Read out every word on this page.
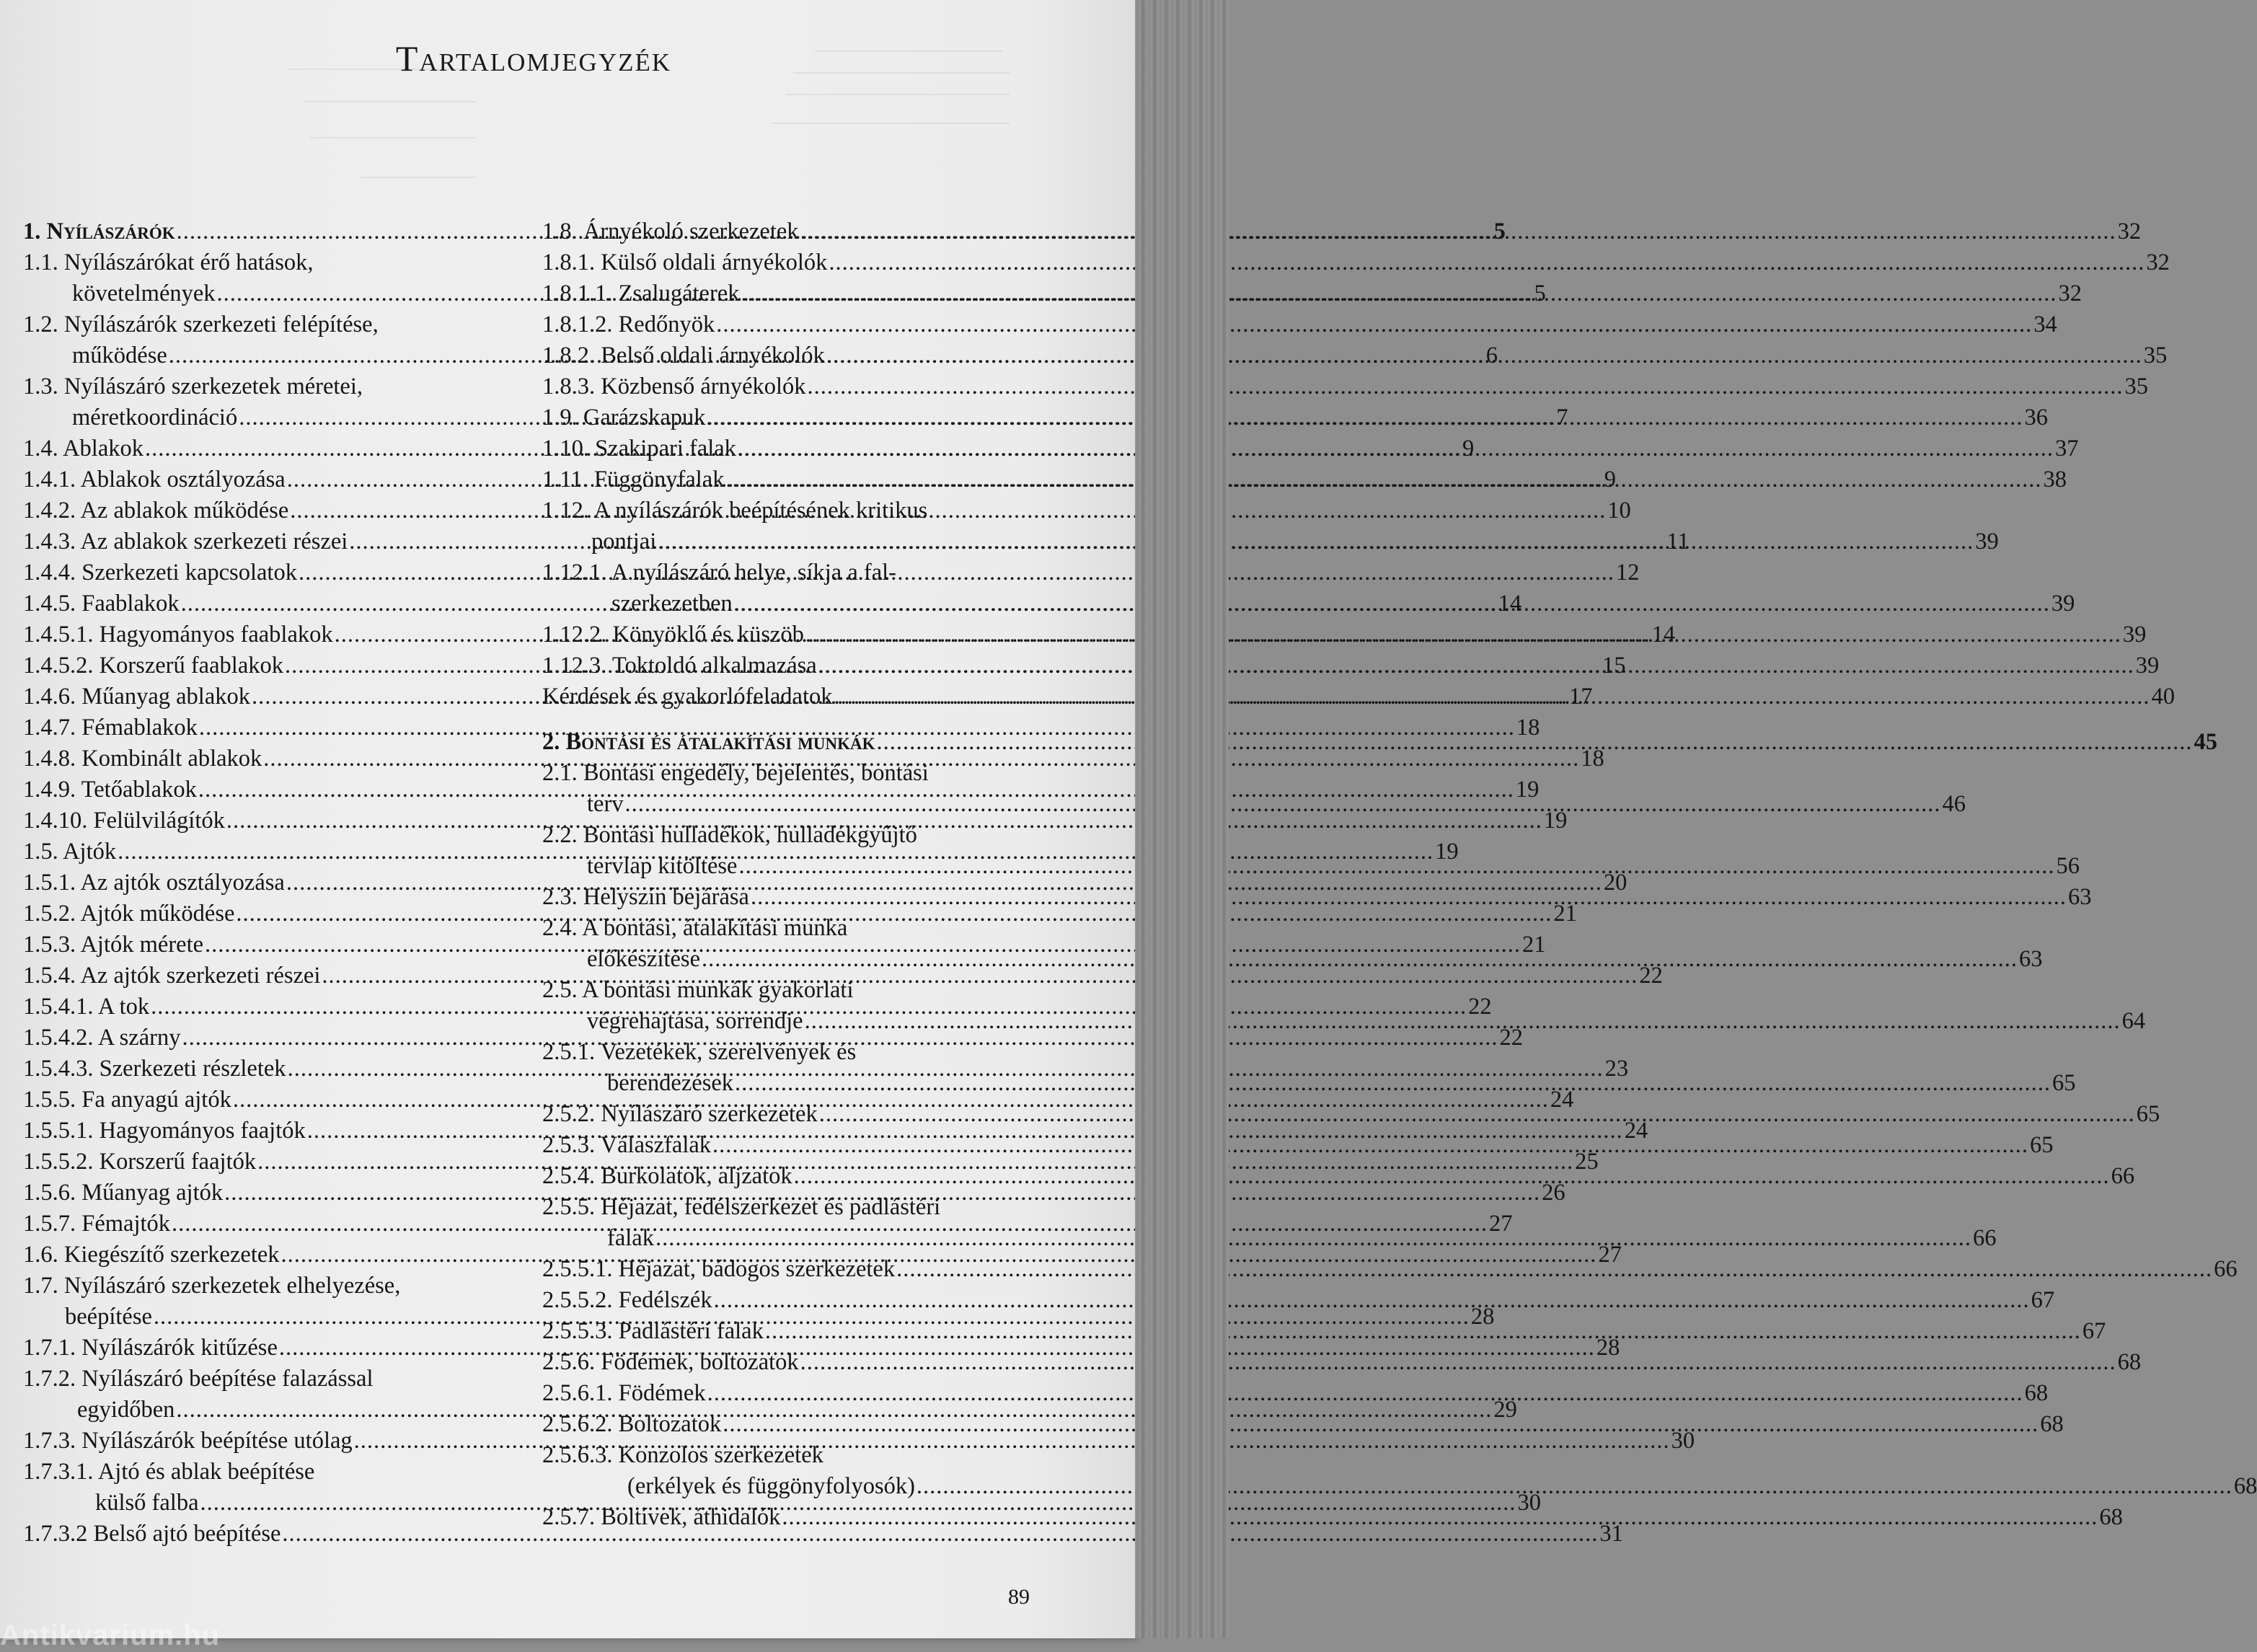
Tartalomjegyzék
1. Nyílászárók .....	5
1.1. Nyílászárókat érő hatások,
követelmények .....	5
1.2. Nyílászárók szerkezeti felépítése,
működése .....	6
1.3. Nyílászáró szerkezetek méretei,
méretkoordináció .....	7
1.4. Ablakok .....	9
1.4.1. Ablakok osztályozása .....	9
1.4.2. Az ablakok működése .....	10
1.4.3. Az ablakok szerkezeti részei .....	11
1.4.4. Szerkezeti kapcsolatok .....	12
1.4.5. Faablakok .....	14
1.4.5.1. Hagyományos faablakok .....	14
1.4.5.2. Korszerű faablakok .....	15
1.4.6. Műanyag ablakok .....	17
1.4.7. Fémablakok .....	18
1.4.8. Kombinált ablakok .....	18
1.4.9. Tetőablakok .....	19
1.4.10. Felülvilágítók .....	19
1.5. Ajtók .....	19
1.5.1. Az ajtók osztályozása .....	20
1.5.2. Ajtók működése .....	21
1.5.3. Ajtók mérete .....	21
1.5.4. Az ajtók szerkezeti részei .....	22
1.5.4.1. A tok .....	22
1.5.4.2. A szárny .....	22
1.5.4.3. Szerkezeti részletek .....	23
1.5.5. Fa anyagú ajtók .....	24
1.5.5.1. Hagyományos faajtók .....	24
1.5.5.2. Korszerű faajtók .....	25
1.5.6. Műanyag ajtók .....	26
1.5.7. Fémajtók .....	27
1.6. Kiegészítő szerkezetek .....	27
1.7. Nyílászáró szerkezetek elhelyezése,
beépítése .....	28
1.7.1. Nyílászárók kitűzése .....	28
1.7.2. Nyílászáró beépítése falazással
egyidőben .....	29
1.7.3. Nyílászárók beépítése utólag .....	30
1.7.3.1. Ajtó és ablak beépítése
külső falba .....	30
1.7.3.2 Belső ajtó beépítése .....	31
1.8. Árnyékoló szerkezetek .....	32
1.8.1. Külső oldali árnyékolók .....	32
1.8.1.1. Zsalugáterek .....	32
1.8.1.2. Redőnyök .....	34
1.8.2. Belső oldali árnyékolók .....	35
1.8.3. Közbenső árnyékolók .....	35
1.9. Garázskapuk .....	36
1.10. Szakipari falak .....	37
1.11. Függönyfalak .....	38
1.12. A nyílászárók beépítésének kritikus
pontjai .....	39
1.12.1. A nyílászáró helye, síkja a fal-
szerkezetben .....	39
1.12.2. Könyöklő és küszöb .....	39
1.12.3. Toktoldó alkalmazása .....	39
Kérdések és gyakorlófeladatok .....	40
2. Bontási és átalakítási munkák .....	45
2.1. Bontási engedély, bejelentés, bontási
terv .....	46
2.2. Bontási hulladékok, hulladékgyűjtő
tervlap kitöltése .....	56
2.3. Helyszín bejárása .....	63
2.4. A bontási, átalakítási munka
előkészítése .....	63
2.5. A bontási munkák gyakorlati
végrehajtása, sorrendje .....	64
2.5.1. Vezetékek, szerelvények és
berendezések .....	65
2.5.2. Nyílászáró szerkezetek .....	65
2.5.3. Válaszfalak .....	65
2.5.4. Burkolatok, aljzatok .....	66
2.5.5. Héjazat, fedélszerkezet és padlástéri
falak .....	66
2.5.5.1. Héjazat, bádogos szerkezetek .....	66
2.5.5.2. Fedélszék .....	67
2.5.5.3. Padlástéri falak .....	67
2.5.6. Födémek, boltozatok .....	68
2.5.6.1. Födémek .....	68
2.5.6.2. Boltozatok .....	68
2.5.6.3. Konzolos szerkezetek
(erkélyek és függönyfolyosók) .....	68
2.5.7. Boltívek, áthidalók .....	68
89
Antikvarium.hu
